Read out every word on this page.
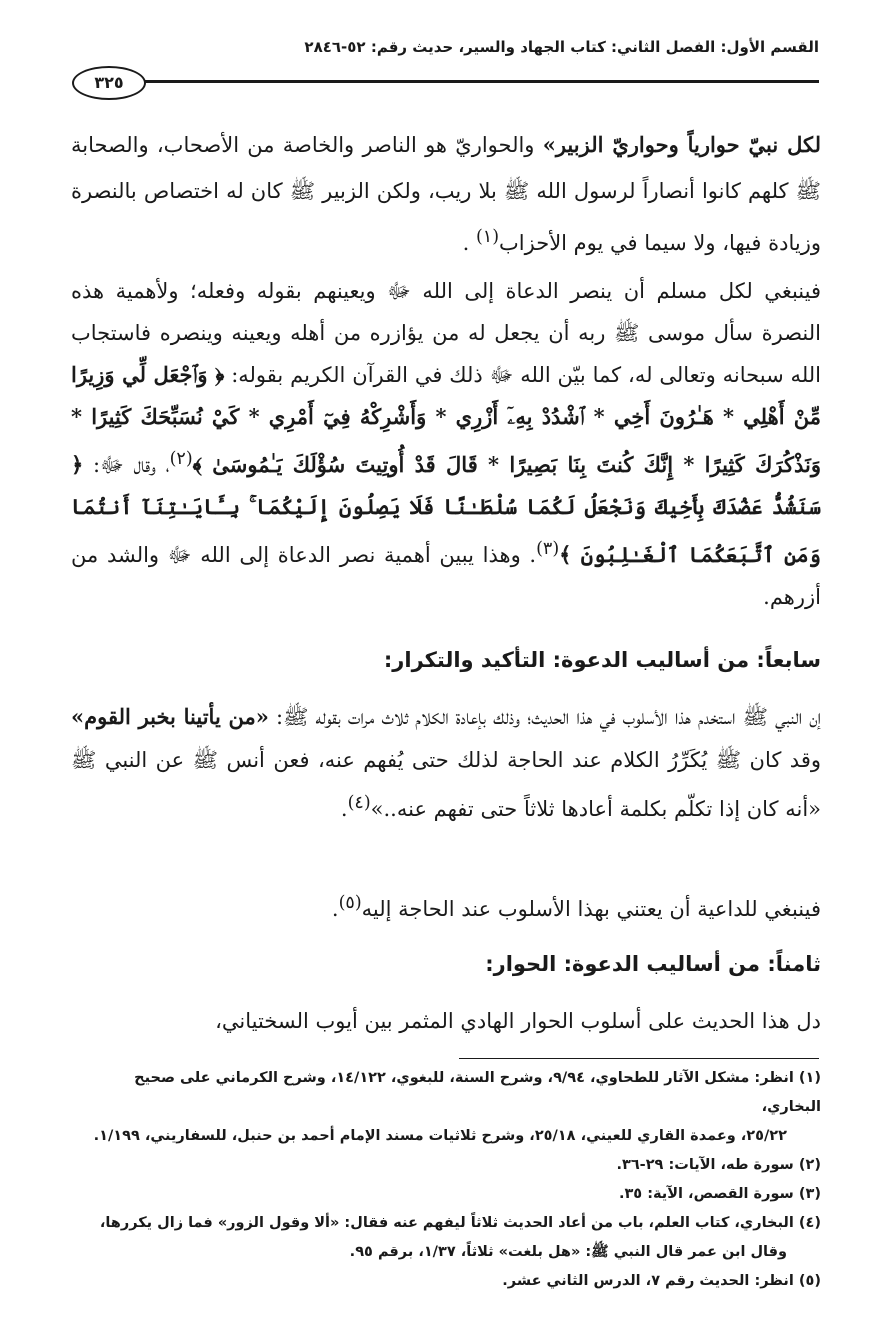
القسم الأول: الفصل الثاني: كتاب الجهاد والسير، حديث رقم: ٥٢-٢٨٤٦
٣٢٥
لكل نبيّ حوارياً وحواريّ الزبير» والحواريّ هو الناصر والخاصة من الأصحاب، والصحابة ﷺ كلهم كانوا أنصاراً لرسول الله ﷺ بلا ريب، ولكن الزبير ﷺ كان له اختصاص بالنصرة وزيادة فيها، ولا سيما في يوم الأحزاب$^{(١)}$ .
فينبغي لكل مسلم أن ينصر الدعاة إلى الله ﷻ ويعينهم بقوله وفعله؛ ولأهمية هذه النصرة سأل موسى ﷺ ربه أن يجعل له من يؤازره من أهله ويعينه وينصره فاستجاب الله سبحانه وتعالى له، كما بيّن الله ﷻ ذلك في القرآن الكريم بقوله: ﴿ وَٱجْعَل لِّي وَزِيرًا مِّنْ أَهْلِي * هَـٰرُونَ أَخِي * ٱشْدُدْ بِهِۦٓ أَزْرِي * وَأَشْرِكْهُ فِيٓ أَمْرِي * كَيْ نُسَبِّحَكَ كَثِيرًا * وَنَذْكُرَكَ كَثِيرًا * إِنَّكَ كُنتَ بِنَا بَصِيرًا * قَالَ قَدْ أُوتِيتَ سُؤْلَكَ يَـٰمُوسَىٰ ﴾$^{(٢)}$، وقال ﷻ: ﴿ سَنَشُدُّ عَضُدَكَ بِأَخِيكَ وَنَجْعَلُ لَكُمَا سُلْطَـٰنًا فَلَا يَصِلُونَ إِلَيْكُمَا ۚ بِـَٔايَـٰتِنَآ أَنتُمَا وَمَنِ ٱتَّبَعَكُمَا ٱلْغَـٰلِبُونَ ﴾$^{(٣)}$. وهذا يبين أهمية نصر الدعاة إلى الله ﷻ والشد من أزرهم.
سابعاً: من أساليب الدعوة: التأكيد والتكرار:
إن النبي ﷺ استخدم هذا الأسلوب في هذا الحديث؛ وذلك بإعادة الكلام ثلاث مرات بقوله ﷺ: «من يأتينا بخبر القوم» وقد كان ﷺ يُكَرِّرُ الكلام عند الحاجة لذلك حتى يُفهم عنه، فعن أنس ﷺ عن النبي ﷺ «أنه كان إذا تكلّم بكلمة أعادها ثلاثاً حتى تفهم عنه..»$^{(٤)}$.
فينبغي للداعية أن يعتني بهذا الأسلوب عند الحاجة إليه$^{(٥)}$.
ثامناً: من أساليب الدعوة: الحوار:
دل هذا الحديث على أسلوب الحوار الهادي المثمر بين أيوب السختياني،

(١) انظر: مشكل الآثار للطحاوي، ٩/٩٤، وشرح السنة، للبغوي، ١٤/١٢٢، وشرح الكرماني على صحيح البخاري،

٢٥/٢٢، وعمدة القاري للعيني، ٢٥/١٨، وشرح ثلاثيات مسند الإمام أحمد بن حنبل، للسفاريني، ١/١٩٩.

(٢) سورة طه، الآيات: ٢٩-٣٦.

(٣) سورة القصص، الآية: ٣٥.

(٤) البخاري، كتاب العلم، باب من أعاد الحديث ثلاثاً ليفهم عنه فقال: «ألا وقول الزور» فما زال يكررها،

وقال ابن عمر قال النبي ﷺ: «هل بلغت» ثلاثاً، ١/٣٧، برقم ٩٥.

(٥) انظر: الحديث رقم ٧، الدرس الثاني عشر.
